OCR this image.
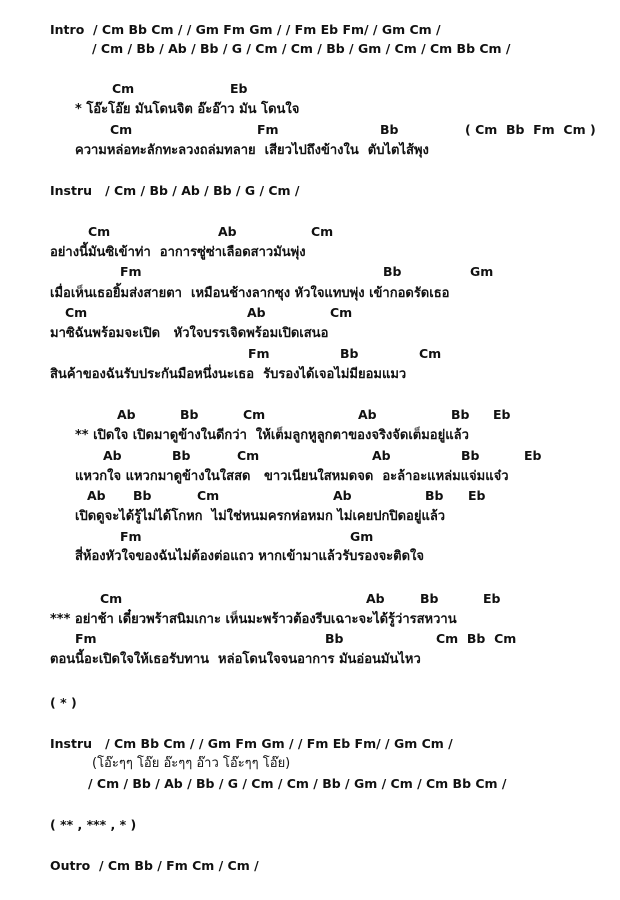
Intro  / Cm Bb Cm / / Gm Fm Gm / / Fm Eb Fm/ / Gm Cm /
/ Cm / Bb / Ab / Bb / G / Cm / Cm / Bb / Gm / Cm / Cm Bb Cm /
Cm	Eb
* โอ๊ะโอ๊ย มันโดนจิต อ๊ะอ๊าว มัน โดนใจ
Cm	Fm	Bb	( Cm  Bb  Fm  Cm )
ความหล่อทะลักทะลวงถล่มทลาย  เสียวไปถึงข้างใน  ตับไตไส้พุง
Instru   / Cm / Bb / Ab / Bb / G / Cm /
Cm	Ab	Cm
อย่างนี้มันซิเข้าท่า  อาการซู่ซ่าเลือดสาวมันพุ่ง
Fm	Bb	Gm
เมื่อเห็นเธอยิ้มส่งสายตา  เหมือนช้างลากซุง หัวใจแทบพุ่ง เข้ากอดรัดเธอ
Cm	Ab	Cm
มาซิฉันพร้อมจะเปิด   หัวใจบรรเจิดพร้อมเปิดเสนอ
Fm	Bb	Cm
สินค้าของฉันรับประกันมือหนึ่งนะเธอ  รับรองได้เจอไม่มียอมแมว
Ab	Bb	Cm	Ab	Bb Eb
** เปิดใจ เปิดมาดูข้างในดีกว่า  ให้เต็มลูกหูลูกตาของจริงจัดเต็มอยู่แล้ว
Ab	Bb	Cm	Ab	Bb	Eb
แหวกใจ แหวกมาดูข้างในใสสด   ขาวเนียนใสหมดจด  อะล้าอะแหล่มแจ่มแจ๋ว
Ab Bb	Cm	Ab	Bb Eb
เปิดดูจะได้รู้ไม่ได้โกหก  ไม่ใช่หนมครกห่อหมก ไม่เคยปกปิดอยู่แล้ว
Fm	Gm
สี่ห้องหัวใจของฉันไม่ต้องต่อแถว หากเข้ามาแล้วรับรองจะติดใจ
Cm	Ab	Bb	Eb
*** อย่าช้า เดี๋ยวพร้าสนิมเกาะ เห็นมะพร้าวต้องรีบเฉาะจะได้รู้ว่ารสหวาน
Fm	Bb	Cm  Bb  Cm
ตอนนี้อะเปิดใจให้เธอรับทาน  หล่อโดนใจจนอาการ มันอ่อนมันไหว
( * )
Instru   / Cm Bb Cm / / Gm Fm Gm / / Fm Eb Fm/ / Gm Cm /
(โอ๊ะๆๆ โอ๊ย อ๊ะๆๆ อ๊าว โอ๊ะๆๆ โอ๊ย)
/ Cm / Bb / Ab / Bb / G / Cm / Cm / Bb / Gm / Cm / Cm Bb Cm /
( ** , *** , * )
Outro  / Cm Bb / Fm Cm / Cm /
